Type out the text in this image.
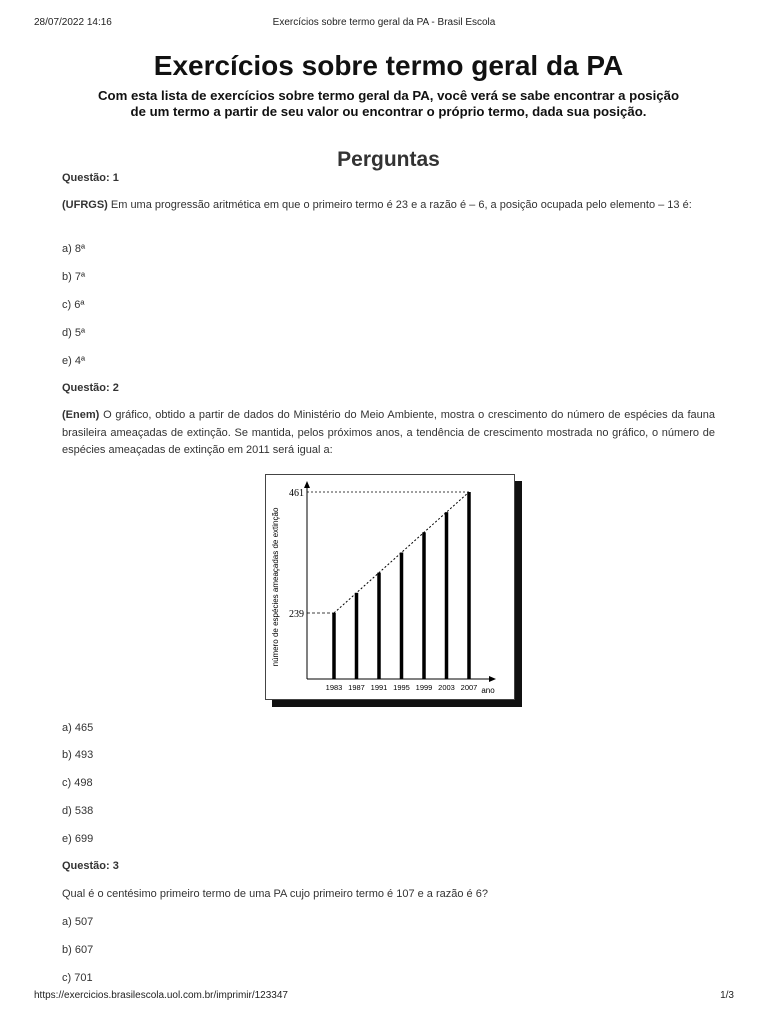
28/07/2022 14:16	Exercícios sobre termo geral da PA - Brasil Escola
Exercícios sobre termo geral da PA

Com esta lista de exercícios sobre termo geral da PA, você verá se sabe encontrar a posição
de um termo a partir de seu valor ou encontrar o próprio termo, dada sua posição.

Perguntas

Questão: 1

(UFRGS) Em uma progressão aritmética em que o primeiro termo é 23 e a razão é – 6, a posição ocupada pelo elemento – 13 é:

a) 8ª

b) 7ª

c) 6ª

d) 5ª

e) 4ª

Questão: 2

(Enem) O gráfico, obtido a partir de dados do Ministério do Meio Ambiente, mostra o crescimento do número de espécies da fauna brasileira ameaçadas de extinção. Se mantida, pelos próximos anos, a tendência de crescimento mostrada no gráfico, o número de espécies ameaçadas de extinção em 2011 será igual a:

239
461
1983 1987 1991 1995 1999 2003 2007 ano
número de espécies ameaçadas de extinção

a) 465

b) 493

c) 498

d) 538

e) 699

Questão: 3

Qual é o centésimo primeiro termo de uma PA cujo primeiro termo é 107 e a razão é 6?

a) 507

b) 607

c) 701

https://exercicios.brasilescola.uol.com.br/imprimir/123347	1/3
